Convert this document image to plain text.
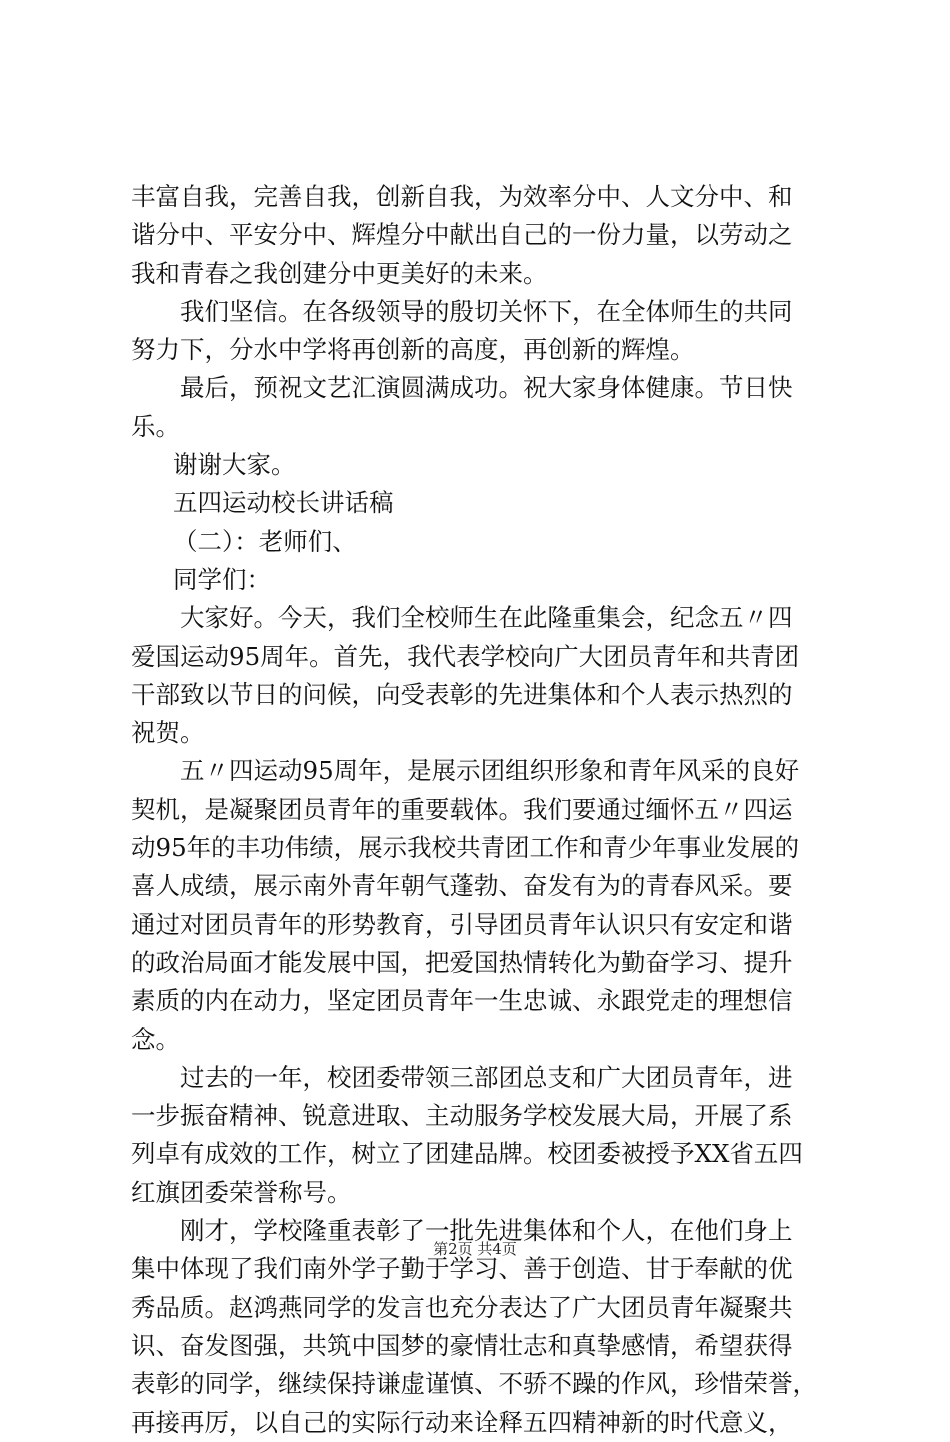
丰富自我，完善自我，创新自我，为效率分中、人文分中、和
谐分中、平安分中、辉煌分中献出自己的一份力量，以劳动之
我和青春之我创建分中更美好的未来。
我们坚信。在各级领导的殷切关怀下，在全体师生的共同
努力下，分水中学将再创新的高度，再创新的辉煌。
最后，预祝文艺汇演圆满成功。祝大家身体健康。节日快
乐。
谢谢大家。
五四运动校长讲话稿
（二）：老师们、
同学们：
大家好。今天，我们全校师生在此隆重集会，纪念五〃四
爱国运动95周年。首先，我代表学校向广大团员青年和共青团
干部致以节日的问候，向受表彰的先进集体和个人表示热烈的
祝贺。
五〃四运动95周年，是展示团组织形象和青年风采的良好
契机，是凝聚团员青年的重要载体。我们要通过缅怀五〃四运
动95年的丰功伟绩，展示我校共青团工作和青少年事业发展的
喜人成绩，展示南外青年朝气蓬勃、奋发有为的青春风采。要
通过对团员青年的形势教育，引导团员青年认识只有安定和谐
的政治局面才能发展中国，把爱国热情转化为勤奋学习、提升
素质的内在动力，坚定团员青年一生忠诚、永跟党走的理想信
念。
过去的一年，校团委带领三部团总支和广大团员青年，进
一步振奋精神、锐意进取、主动服务学校发展大局，开展了系
列卓有成效的工作，树立了团建品牌。校团委被授予XX省五四
红旗团委荣誉称号。
刚才，学校隆重表彰了一批先进集体和个人，在他们身上
集中体现了我们南外学子勤于学习、善于创造、甘于奉献的优
秀品质。赵鸿燕同学的发言也充分表达了广大团员青年凝聚共
识、奋发图强，共筑中国梦的豪情壮志和真挚感情，希望获得
表彰的同学，继续保持谦虚谨慎、不骄不躁的作风，珍惜荣誉，
再接再厉，以自己的实际行动来诠释五四精神新的时代意义，
第2页 共4页
